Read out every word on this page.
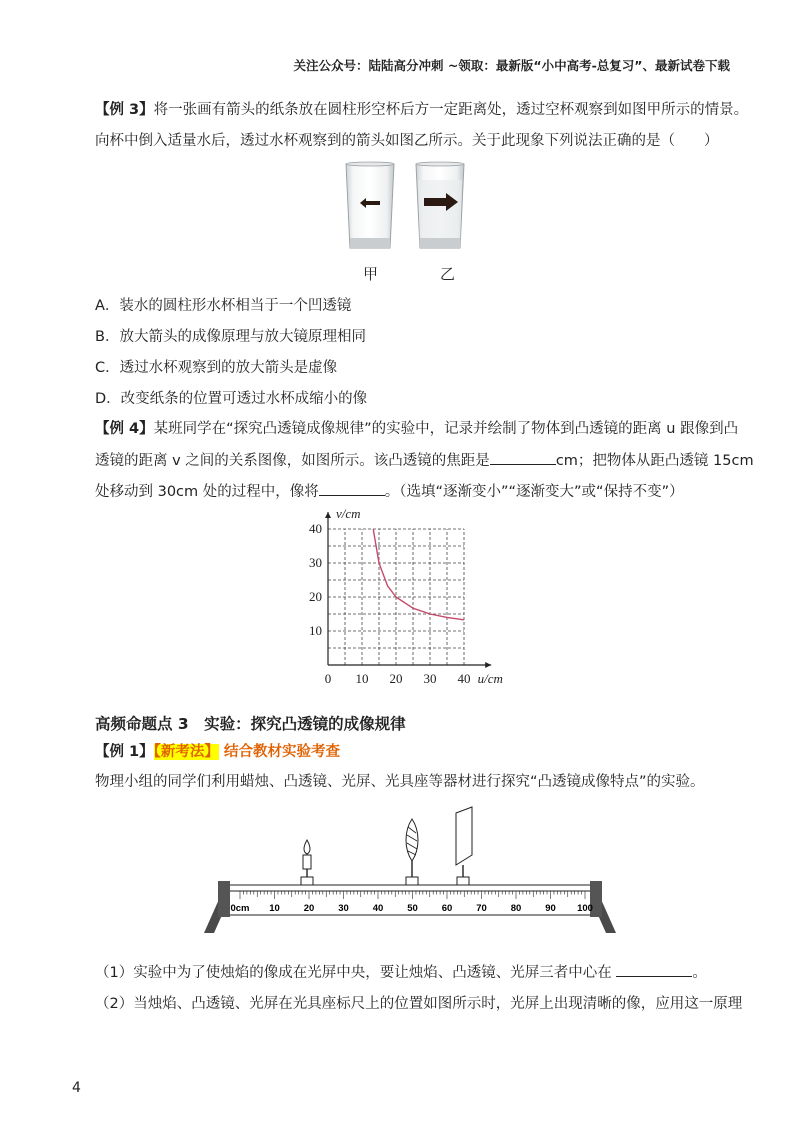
关注公众号：陆陆高分冲刺 ~领取：最新版“小中高考-总复习”、最新试卷下载
【例 3】将一张画有箭头的纸条放在圆柱形空杯后方一定距离处，透过空杯观察到如图甲所示的情景。
向杯中倒入适量水后，透过水杯观察到的箭头如图乙所示。关于此现象下列说法正确的是（　　）
甲	乙
A．装水的圆柱形水杯相当于一个凹透镜
B．放大箭头的成像原理与放大镜原理相同
C．透过水杯观察到的放大箭头是虚像
D．改变纸条的位置可透过水杯成缩小的像
【例 4】某班同学在“探究凸透镜成像规律”的实验中，记录并绘制了物体到凸透镜的距离 u 跟像到凸
透镜的距离 v 之间的关系图像，如图所示。该凸透镜的焦距是	cm；把物体从距凸透镜 15cm
处移动到 30cm 处的过程中，像将	。（选填“逐渐变小”“逐渐变大”或“保持不变”）
0 10 20 30 40
10
20
30
40
v/cm
u/cm
高频命题点 3　实验：探究凸透镜的成像规律
【例 1】【新考法】 结合教材实验考查
物理小组的同学们利用蜡烛、凸透镜、光屏、光具座等器材进行探究“凸透镜成像特点”的实验。
0cm 10	20	30	40	50	60	70	80	90 100
（1）实验中为了使烛焰的像成在光屏中央，要让烛焰、凸透镜、光屏三者中心在	。
（2）当烛焰、凸透镜、光屏在光具座标尺上的位置如图所示时，光屏上出现清晰的像，应用这一原理
4
